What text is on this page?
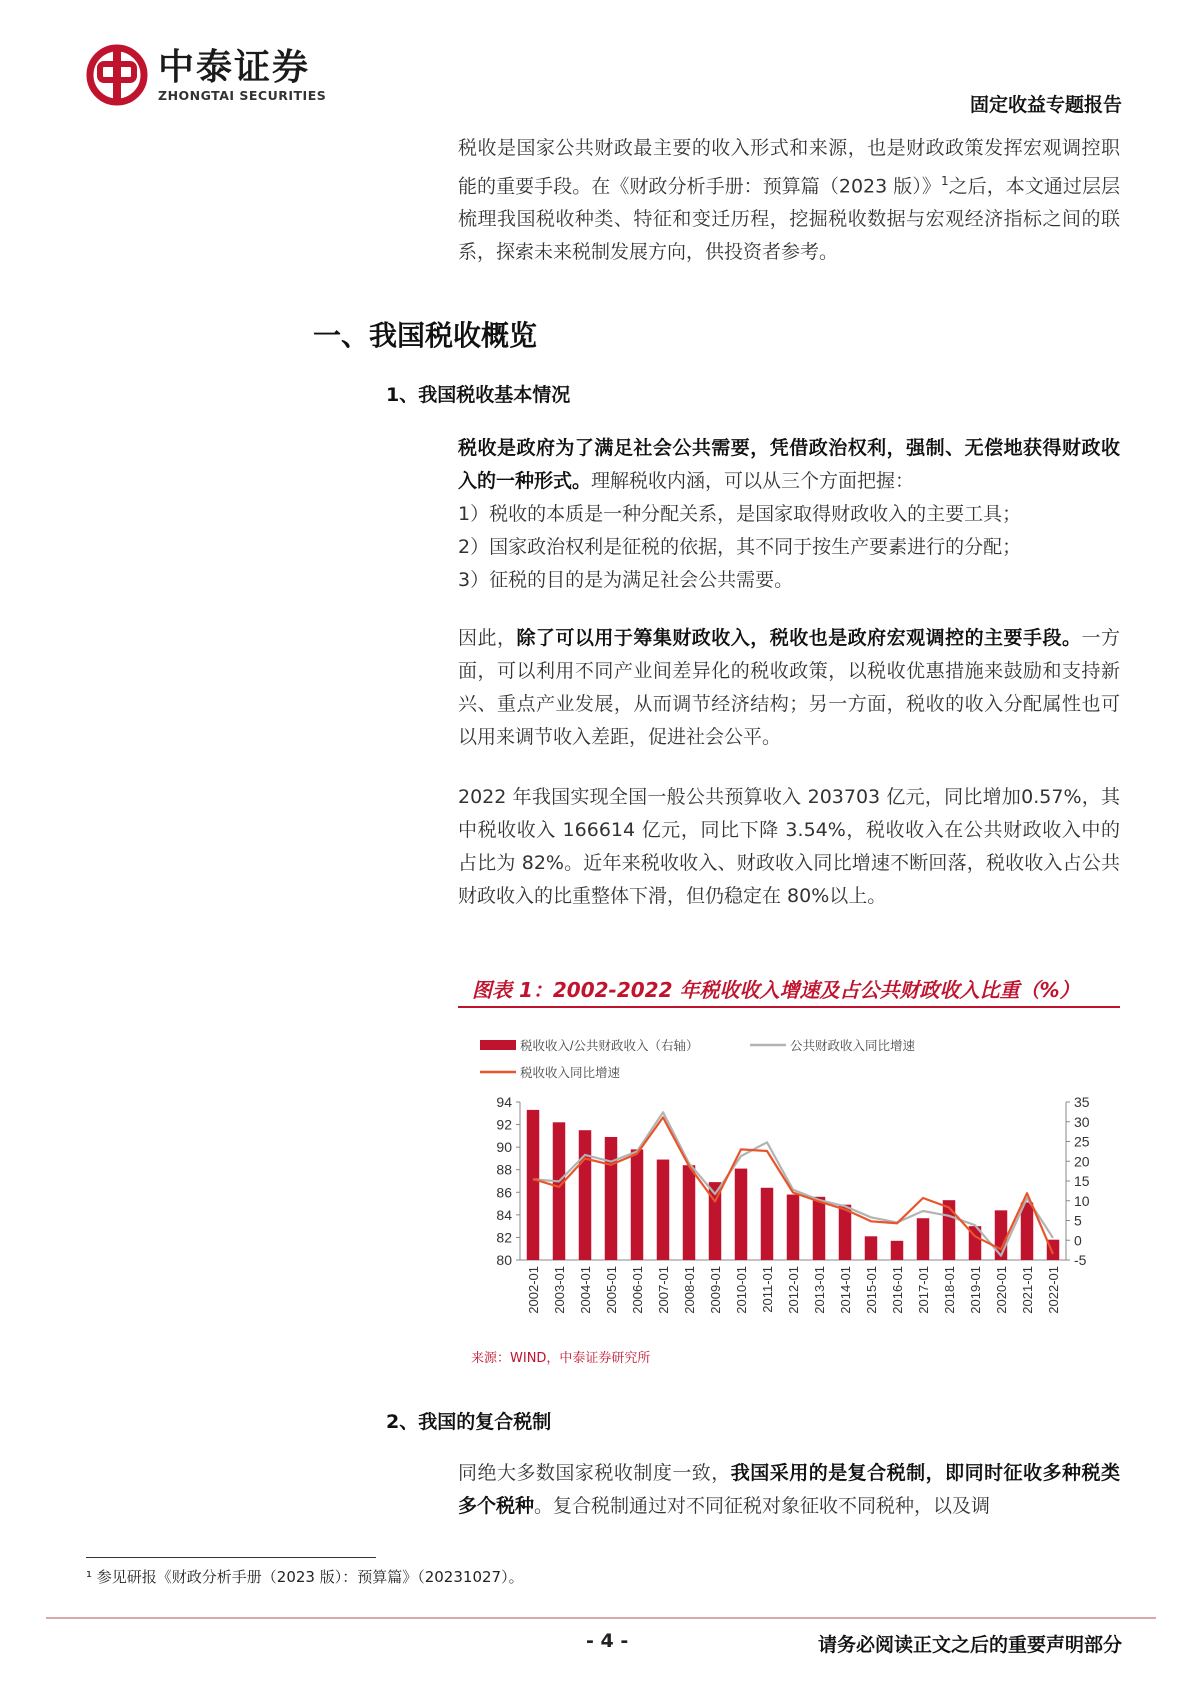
中泰证券
ZHONGTAI SECURITIES	固定收益专题报告

税收是国家公共财政最主要的收入形式和来源，也是财政政策发挥宏观调控职能的重要手段。在《财政分析手册：预算篇（2023 版）》$^1$之后，本文通过层层梳理我国税收种类、特征和变迁历程，挖掘税收数据与宏观经济指标之间的联系，探索未来税制发展方向，供投资者参考。

一、我国税收概览
1、我国税收基本情况

税收是政府为了满足社会公共需要，凭借政治权利，强制、无偿地获得财政收入的一种形式。理解税收内涵，可以从三个方面把握：

1）税收的本质是一种分配关系，是国家取得财政收入的主要工具；

2）国家政治权利是征税的依据，其不同于按生产要素进行的分配；

3）征税的目的是为满足社会公共需要。

因此，除了可以用于筹集财政收入，税收也是政府宏观调控的主要手段。一方面，可以利用不同产业间差异化的税收政策，以税收优惠措施来鼓励和支持新兴、重点产业发展，从而调节经济结构；另一方面，税收的收入分配属性也可以用来调节收入差距，促进社会公平。

2022 年我国实现全国一般公共预算收入 203703 亿元，同比增加0.57%，其中税收收入 166614 亿元，同比下降 3.54%，税收收入在公共财政收入中的占比为 82%。近年来税收收入、财政收入同比增速不断回落，税收收入占公共财政收入的比重整体下滑，但仍稳定在 80%以上。

图表 1：2002-2022 年税收收入增速及占公共财政收入比重（%）
税收收入/公共财政收入（右轴）	公共财政收入同比增速
税收收入同比增速
94
92
90
88
86
84
82
80
35
30
25
20
15
10
5
0
-5
2002-01 2003-01 2004-01 2005-01 2006-01 2007-01 2008-01 2009-01 2010-01 2011-01 2012-01 2013-01 2014-01 2015-01 2016-01 2017-01 2018-01 2019-01 2020-01 2021-01 2022-01
来源：WIND，中泰证券研究所
2、我国的复合税制

同绝大多数国家税收制度一致，我国采用的是复合税制，即同时征收多种税类多个税种。复合税制通过对不同征税对象征收不同税种，以及调

¹ 参见研报《财政分析手册（2023 版）：预算篇》（20231027）。
- 4 -	请务必阅读正文之后的重要声明部分
